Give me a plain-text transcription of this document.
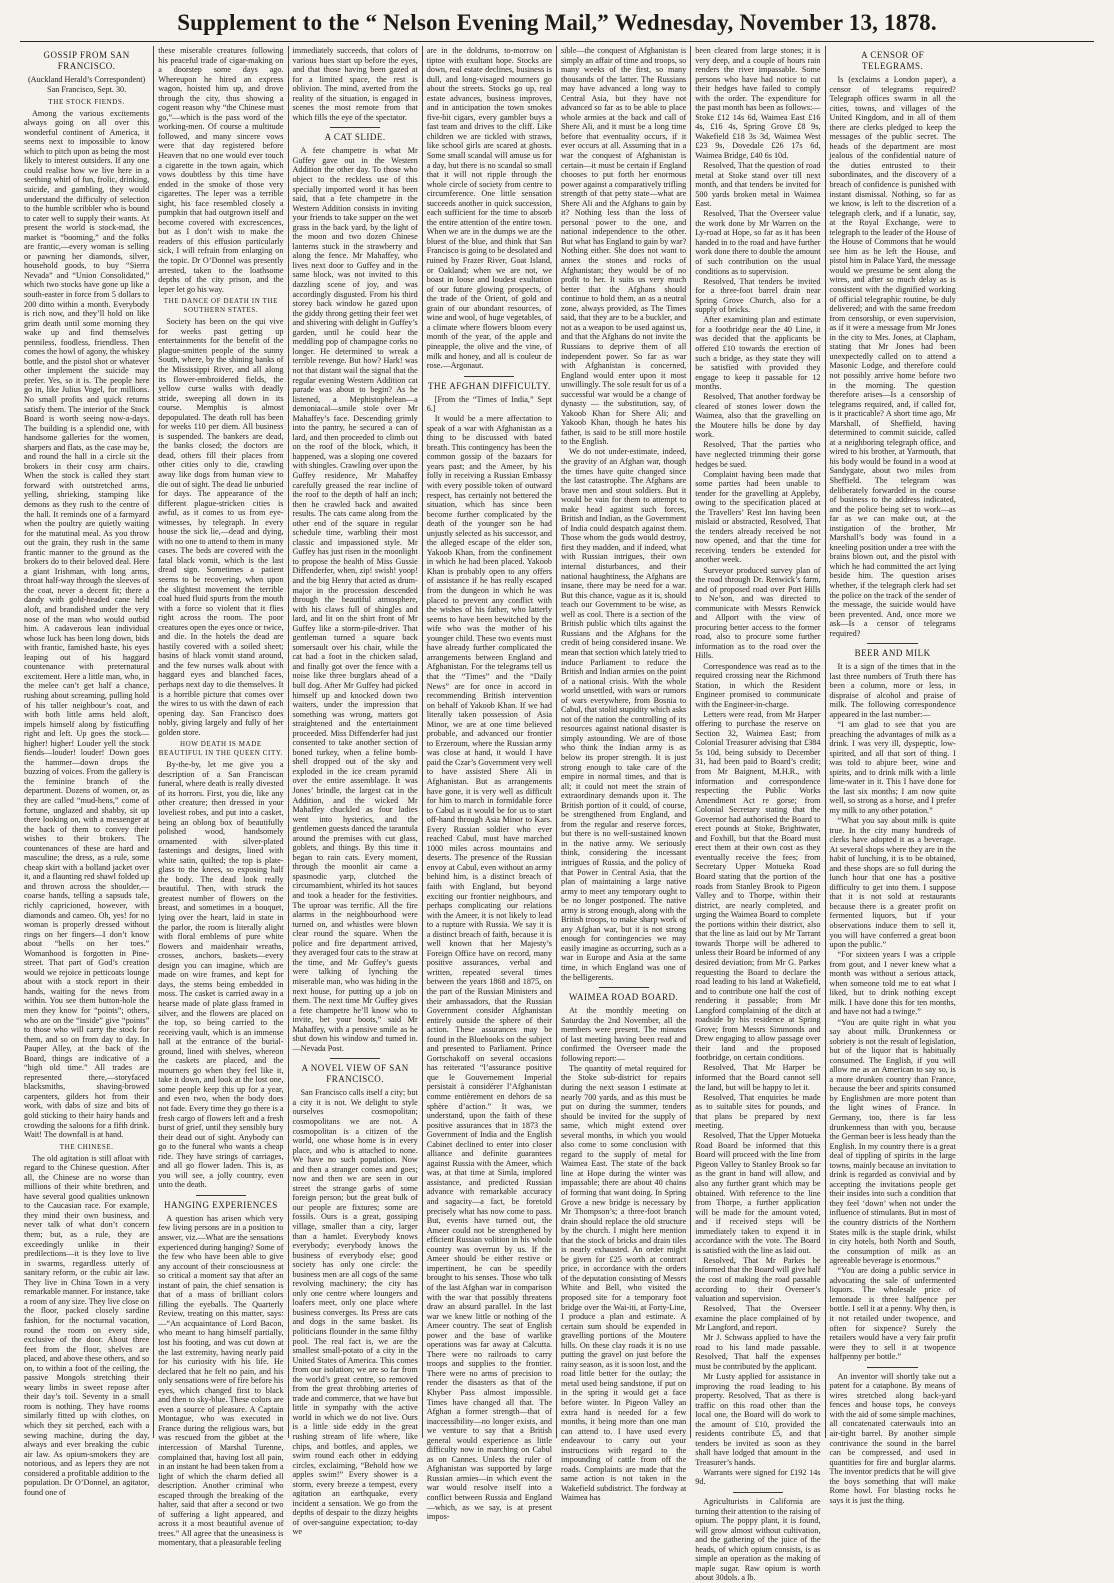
Supplement to the “ Nelson Evening Mail,” Wednesday, November 13, 1878.
GOSSIP FROM SAN FRANCISCO.

(Auckland Herald’s Correspondent)

San Francisco, Sept. 30.

THE STOCK FIENDS.

Among the various excitements always going on all over this wonderful continent of America, it seems next to impossible to know which to pitch upon as being the most likely to interest outsiders. If any one could realise how we live here in a seething whirl of fun, frolic, drinking, suicide, and gambling, they would understand the difficulty of selection to the humble scribbler who is bound to cater well to supply their wants. At present the world is stock-mad, the market is “booming,” and the folks are frantic,—every woman is selling or pawning her diamonds, silver, household goods, to buy “Sierra Nevada” and “Union Consolidated,” which two stocks have gone up like a south-easter in force from 5 dollars to 200 ditto within a month. Everybody is rich now, and they’ll hold on like grim death until some morning they wake up and find themselves penniless, foodless, friendless. Then comes the howl of agony, the whiskey bottle, and the pistol shot or whatever other implement the suicide may prefer. Yes, so it is. The people here go in, like Julius Vogel, for millions. No small profits and quick returns satisfy them. The interior of the Stock Board is worth seeing now-a-days. The building is a splendid one, with handsome galleries for the women, sharpers and flats, as the case may be, and round the hall in a circle sit the brokers in their cosy arm chairs. When the stock is called they start forward with outstretched arms, yelling, shrieking, stamping like demons as they rush to the centre of the hall. It reminds one of a farmyard when the poultry are quietly waiting for the matutinal meal. As you throw out the grain, they rush in the same frantic manner to the ground as the brokers do to their beloved deal. Here a giant Irishman, with long arms, throat half-way through the sleeves of the coat, never a decent fit; there a dandy with gold-headed cane held aloft, and brandished under the very nose of the man who would outbid him. A cadaverous lean individual whose luck has been long down, bids with frantic, famished haste, his eyes leaping out of his haggard countenance with preternatural excitement. Here a little man, who, in the melee can’t get half a chance, rushing about screaming, pulling hold of his taller neighbour’s coat, and with both little arms held aloft, impels himself along by fisticuffing right and left. Up goes the stock—higher! higher! Louder yell the stock fiends—louder! louder! Down goes the hammer—down drops the buzzing of voices. From the gallery is the feminine branch of the department. Dozens of women, or, as they are called “mud-hens,” come of fortune, unglazed and shabby, sit up there looking on, with a messenger at the back of them to convey their wishes to their brokers. The countenances of these are hard and masculine; the dress, as a rule, some cheap skirt with a bolland jacket over it, and a flaunting red shawl folded up and thrown across the shoulder,—coarse hands, telling a sapsuds tale, richly capricioned, however, with diamonds and cameo. Oh, yes! for no woman is properly dressed without rings on her fingers—I don’t know about “bells on her toes.” Womanhood is forgotten in Pine-street. That part of God’s creation would we rejoice in petticoats lounge about with a stock report in their hands, waiting for the news from within. You see them button-hole the men they know for “points”; others, who are on the “inside” give “points” to those who will carry the stock for them, and so on from day to day. In Pauper Alley, at the back of the Board, things are indicative of a “high old time.” All trades are represented there,—storyfaced blacksmiths, shaving-browed carpenters, gilders hot from their work, with dabs of size and bits of gold sticking to their hairy hands and crowding the saloons for a fifth drink. Wait! The downfall is at hand.

THE CHINESE.

The old agitation is still afloat with regard to the Chinese question. After all, the Chinese are no worse than millions of their white brethren, and have several good qualities unknown to the Caucasian race. For example, they mind their own business, and never talk of what don’t concern them; but, as a rule, they are exceedingly unlike in their predilections—it is they love to live in swarms, regardless utterly of sanitary reform, or the cubic air law. They live in China Town in a very remarkable manner. For instance, take a room of any size. They live close on the floor, packed closely sardine fashion, for the nocturnal vacation, round the room on every side, exclusive of the door. About three feet from the floor, shelves are placed, and above these others, and so on, to within a foot of the ceiling, the passive Mongols stretching their weary limbs in sweet repose after their day’s toil. Seventy in a small room is nothing. They have rooms similarly fitted up with clothes, on which they sit perched, each with a sewing machine, during the day, always and ever breaking the cubic air law. As opium-smokers they are notorious, and as lepers they are not considered a profitable addition to the population. Dr O’Donnel, an agitator, found one of

these miserable creatures following his peaceful trade of cigar-making on a doorstep some days ago. Whereupon he hired an express wagon, hoisted him up, and drove through the city, thus showing a cogent reason why “the Chinese must go,”—which is the pass word of the working-men. Of course a multitude followed, and many sincere vows were that day registered before Heaven that no one would ever touch a cigarette in the town again, which vows doubtless by this time have ended in the smoke of those very cigarettes. The leper was a terrible sight, his face resembled closely a pumpkin that had outgrown itself and become covered with excrescences, but as I don’t wish to make the readers of this effusion particularly sick, I will refrain from enlarging on the topic. Dr O’Donnel was presently arrested, taken to the loathsome depths of the city prison, and the leper let go his way.

THE DANCE OF DEATH IN THE SOUTHERN STATES.

Society has been on the qui vive for weeks past getting up entertainments for the benefit of the plague-smitten people of the sunny South, where, by the shining banks of the Mississippi River, and all along its flower-embroidered fields, the yellow curse walks with deadly stride, sweeping all down in its course. Memphis is almost depopulated. The death roll has been for weeks 110 per diem. All business is suspended. The bankers are dead, the banks closed; the doctors are dead, others fill their places from other cities only to die, crawling away like dogs from human view to die out of sight. The dead lie unburied for days. The appearance of the different plague-stricken cities is awful, as it comes to us from eye-witnesses, by telegraph. In every house the sick lie,—dead and dying, with no one to attend to them in many cases. The beds are covered with the fatal black vomit, which is the last dread sign. Sometimes a patient seems to be recovering, when upon the slightest movement the terrible coal hued fluid spurts from the mouth with a force so violent that it flies right across the room. The poor creatures open the eyes once or twice, and die. In the hotels the dead are hastily covered with a soiled sheet; basins of black vomit stand around, and the few nurses walk about with haggard eyes and blanched faces, perhaps next day to die themselves. It is a horrible picture that comes over the wires to us with the dawn of each opening day. San Francisco does nobly, giving largely and fully of her golden store.

HOW DEATH IS MADE BEAUTIFUL IN THE QUEEN CITY.

By-the-by, let me give you a description of a San Franciscan funeral, where death is really divested of its horrors. First, you die, like any other creature; then dressed in your loveliest robes, and put into a casket, being an oblong box of beautifully polished wood, handsomely ornamented with silver-plated fastenings and designs, lined with white satin, quilted; the top is plate-glass to the knees, so exposing half the body. The dead look really beautiful. Then, with struck the greatest number of flowers on the breast, and sometimes in a bouquet, lying over the heart, laid in state in the parlor, the room is literally alight with floral emblems of pure white flowers and maidenhair wreaths, crosses, anchors, baskets—every design you can imagine, which are made on wire frames, and kept for days, the stems being embedded in moss. The casket is carried away in a hearse made of plate glass framed in silver, and the flowers are placed on the top, so being carried to the receiving vault, which is an immense hall at the entrance of the burial-ground, lined with shelves, whereon the caskets are placed, and the mourners go when they feel like it, take it down, and look at the lost one, some people keep this up for a year, and even two, when the body does not fade. Every time they go there is a fresh cargo of flowers left and a fresh burst of grief, until they sensibly bury their dead out of sight. Anybody can go to the funeral who wants a cheap ride. They have strings of carriages, and all go flower laden. This is, as you will see, a jolly country, even unto the death.

HANGING EXPERIENCES

A question has arisen which very few living persons are in a position to answer, viz.—What are the sensations experienced during hanging? Some of the few who have been able to give any account of their consciousness at so critical a moment say that after an instant of pain, the chief sensation is that of a mass of brilliant colors filling the eyeballs. The Quarterly Review, treating on this matter, says:—“An acquaintance of Lord Bacon, who meant to hang himself partially, lost his footing, and was cut down at the last extremity, having nearly paid for his curiosity with his life. He declared that he felt no pain, and his only sensations were of fire before his eyes, which changed first to black and then to sky-blue. These colors are even a source of pleasure. A Captain Montague, who was executed in France during the religious wars, but was rescued from the gibbet at the intercession of Marshal Turenne, complained that, having lost all pain, in an instant he had been taken from a light of which the charm defied all description. Another criminal who escaped through the breaking of the halter, said that after a second or two of suffering a light appeared, and across it a most beautiful avenue of trees.” All agree that the uneasiness is momentary, that a pleasurable feeling

immediately succeeds, that colors of various hues start up before the eyes, and that those having been gazed at for a limited space, the rest is oblivion. The mind, averted from the reality of the situation, is engaged in scenes the most remote from that which fills the eye of the spectator.

A CAT SLIDE.

A fete champetre is what Mr Guffey gave out in the Western Addition the other day. To those who object to the reckless use of this specially imported word it has been said, that a fete champetre in the Western Addition consists in inviting your friends to take supper on the wet grass in the back yard, by the light of the moon and two dozen Chinese lanterns stuck in the strawberry and along the fence. Mr Mahaffey, who lives next door to Guffey and in the same block, was not invited to this dazzling scene of joy, and was accordingly disgusted. From his third storey back window he gazed upon the giddy throng getting their feet wet and shivering with delight in Guffey’s garden, until he could hear the meddling pop of champagne corks no longer. He determined to wreak a terrible revenge. But how? Hark! was not that distant wail the signal that the regular evening Western Addition cat parade was about to begin? As he listened, a Mephistophelean—a demoniacal—smile stole over Mr Mahaffey’s face. Descending grimly into the pantry, he secured a can of lard, and then proceeded to climb out on the roof of the block, which, it happened, was a sloping one covered with shingles. Crawling over upon the Guffey residence, Mr Mahaffey carefully greased the rear incline of the roof to the depth of half an inch; then he crawled back and awaited results. The cats came along from the other end of the square in regular schedule time, warbling their most classic and impassioned style. Mr Guffey has just risen in the moonlight to propose the health of Miss Gussie Diffenderfer, when, zip! swish! yoop! and the big Henry that acted as drum-major in the procession descended through the beautiful atmosphere, with his claws full of shingles and lard, and lit on the shirt front of Mr Guffey like a storm-pile-driver. That gentleman turned a square back somersault over his chair, while the cat had a foot in the chicken salad, and finally got over the fence with a noise like three burglars ahead of a bull dog. After Mr Guffey had picked himself up and knocked down two waiters, under the impression that something was wrong, matters got straightened and the entertainment proceeded. Miss Diffenderfer had just consented to take another section of boned turkey, when a feline bomb-shell dropped out of the sky and exploded in the ice cream pyramid over the entire assemblage. It was Jones’ brindle, the largest cat in the Addition, and the wicked Mr Mahaffey chuckled as four ladies went into hysterics, and the gentlemen guests danced the tarantula around the premises with cut glass, goblets, and things. By this time it began to rain cats. Every moment, through the moonlit air came a spasmodic yarp, clutched the circumambient, whirled its hot sauces and took a header for the festivities. The uproar was terrific. All the fire alarms in the neighbourhood were turned on, and whistles were blown clear round the square. When the police and fire department arrived, they averaged four cats to the straw at the time, and Mr Guffey’s guests were talking of lynching the miserable man, who was hiding in the next house, for putting up a job on them. The next time Mr Guffey gives a fete champetre he’ll know who to invite, bet your boots,” said Mr Mahaffey, with a pensive smile as he shut down his window and turned in.—Nevada Post.

A NOVEL VIEW OF SAN FRANCISCO.

San Francisco calls itself a city; but a city it is not. We delight to style ourselves cosmopolitan; cosmopolitans we are not. A cosmopolitan is a citizen of the world, one whose home is in every place, and who is attached to none. We have no such population. Now and then a stranger comes and goes; now and then we are seen in our street the strange garbs of some foreign person; but the great bulk of our people are fixtures; some are fossils. Ours is a great, gossiping village, smaller than a city, larger than a hamlet. Everybody knows everybody; everybody knows the business of everybody else; good society has only one circle: the business men are all cogs of the same revolving machinery; the city has only one centre where loungers and loafers meet, only one place where business converges. Its Press are cats and dogs in the same basket. Its politicians flounder in the same filthy pool. The real fact is, we are the smallest small-potato of a city in the United States of America. This comes from our isolation; we are so far from the world’s great centre, so removed from the great throbbing arteries of trade and commerce, that we have but little in sympathy with the active world in which we do not live. Ours is a little side eddy in the great rushing stream of life where, like chips, and bottles, and apples, we swim round each other in eddying circles, exclaiming, “Behold how we apples swim!” Every shower is a storm, every breeze a tempest, every agitation an earthquake, every incident a sensation. We go from the depths of despair to the dizzy heights of over-sanguine expectation; to-day we

are in the doldrums, to-morrow on tiptoe with exultant hope. Stocks are down, real estate declines, business is dull, and long-visaged mourners go about the streets. Stocks go up, real estate advances, business improves, and in anticipation the town smokes five-bit cigars, every gambler buys a fast team and drives to the cliff. Like children we are tickled with straws, like school girls are scared at ghosts. Some small scandal will amuse us for a day, but there is no scandal so small that it will not ripple through the whole circle of society from centre to circumference. One little sensation succeeds another in quick succession, each sufficient for the time to absorb the entire attention of the entire town. When we are in the dumps we are the bluest of the blue, and think that San Francisco is going to be desolated and ruined by Frazer River, Goat Island, or Oakland; when we are not, we boast in loose and loudest exultation of our future glowing prospects, of the trade of the Orient, of gold and grain of our abundant resources, of wine and wool, of huge vegetables, of a climate where flowers bloom every month of the year, of the apple and pineapple, the olive and the vine, of milk and honey, and all is couleur de rose.—Argonaut.

THE AFGHAN DIFFICULTY.

[From the “Times of India,” Sept 6.]

It would be a mere affectation to speak of a war with Afghanistan as a thing to be discussed with bated breath. This contingency has been the common gossip of the bazaars for years past; and the Ameer, by his folly in receiving a Russian Embassy with every possible token of outward respect, has certainly not bettered the situation, which has since been become further complicated by the death of the younger son he had unjustly selected as his successor, and the alleged escape of the elder son, Yakoob Khan, from the confinement in which he had been placed. Yakoob Khan is probably open to any offers of assistance if he has really escaped from the dungeon in which he was placed to prevent any conflict with the wishes of his father, who latterly seems to have been bewitched by the wife who was the mother of his younger child. These two events must have already further complicated the arrangements between England and Afghanistan. For the telegrams tell us that the “Times” and the “Daily News” are for once in accord in recommending British intervention on behalf of Yakoob Khan. If we had literally taken possession of Asia Minor, we are at one time believed probable, and advanced our frontier to Erzeroum, where the Russian army was close at hand, it would I have paid the Czar’s Government very well to have assisted Shere Ali in Afghanistan. But as arrangements have gone, it is very well as difficult for him to march in formidable force to Cabul as it would be for us to start off-hand through Asia Minor to Kars. Every Russian soldier who ever reached Cabul, must have marched 1000 miles across mountains and deserts. The presence of the Russian envoy at Cabul, even without an army behind him, is a distinct breach of faith with England, but beyond exciting our frontier neighbours, and perhaps complicating our relations with the Ameer, it is not likely to lead to a rupture with Russia. We say it is a distinct breach of faith, because it is well known that her Majesty’s Foreign Office have on record, many positive assurances, verbal and written, repeated several times between the years 1868 and 1875, on the part of the Russian Ministers and their ambassadors, that the Russian Government consider Afghanistan entirely outside the sphere of their action. These assurances may be found in the Bluebooks on the subject and presented to Parliament. Prince Gortschakoff on several occasions has reiterated “l’assurance positive que le Gouvernement Imperial persistait à considérer l’Afghanistan comme entièrement en dehors de sa sphère d’action.” It was, we understand, upon the faith of these positive assurances that in 1873 the Government of India and the English Cabinet declined to enter into closer alliance and definite guarantees against Russia with the Ameer, which was, at that time at Simla, implored assistance, and predicted Russian advance with remarkable accuracy and sagacity—a fact, be foretold precisely what has now come to pass. But, events have turned out, the Ameer could not be strengthened by efficient Russian volition in his whole country was overrun by us. If the Ameer should be either restive or impertinent, he can be speedily brought to his senses. Those who talk of the last Afghan war in comparison with the war that possibly threatens draw an absurd parallel. In the last war we knew little or nothing of the Ameer country. The seat of English power and the base of warlike operations was far away at Calcutta. There were no railroads to carry troops and supplies to the frontier. There were no arms of precision to render the disasters as that of the Khyber Pass almost impossible. Times have changed all that. The Afghan a former strength—that of inaccessibility—no longer exists, and we venture to say that a British general would experience as little difficulty now in marching on Cabul as on Cannes. Unless the ruler of Afghanistan was supported by large Russian armies—in which event the war would resolve itself into a conflict between Russia and England—which, as we say, is at present impos-

sible—the conquest of Afghanistan is simply an affair of time and troops, so many weeks of the first, so many thousands of the latter. The Russians may have advanced a long way to Central Asia, but they have not advanced so far as to be able to place whole armies at the back and call of Shere Ali, and it must be a long time before that eventuality occurs, if it ever occurs at all. Assuming that in a war the conquest of Afghanistan is certain—it must be certain if England chooses to put forth her enormous power against a comparatively trifling strength of that petty state—what are Shere Ali and the Afghans to gain by it? Nothing less than the loss of personal power to the one, and national independence to the other. But what has England to gain by war? Nothing either. She does not want to annex the stones and rocks of Afghanistan; they would be of no profit to her. It suits us very much better that the Afghans should continue to hold them, an as a neutral zone, always provided, as The Times said, that they are to be a buckler, and not as a weapon to be used against us, and that the Afghans do not invite the Russians to deprive them of all independent power. So far as war with Afghanistan is concerned, England would enter upon it most unwillingly. The sole result for us of a successful war would be a change of dynasty — the substitution, say, of Yakoob Khan for Shere Ali; and Yakoob Khan, though he hates his father, is said to be still more hostile to the English.

We do not under-estimate, indeed, the gravity of an Afghan war, though the times have quite changed since the last catastrophe. The Afghans are brave men and stout soldiers. But it would be vain for them to attempt to make head against such forces, British and Indian, as the Government of India could despatch against them. Those whom the gods would destroy, first they madden, and if indeed, what with Russian intrigues, their own internal disturbances, and their national haughtiness, the Afghans are insane, there may be need for a war. But this chance, vague as it is, should teach our Government to be wise, as well as cool. There is a section of the British public which tilts against the Russians and the Afghans for the credit of being considered insane. We mean that section which lately tried to induce Parliament to reduce the British and Indian armies on the point of a national crisis. With the whole world unsettled, with wars or rumors of wars everywhere, from Bosnia to Cabul, that stolid stupidity which asks not of the nation the controlling of its resources against national disaster is simply astounding. We are of those who think the Indian army is as below its proper strength. It is just strong enough to take care of the empire in normal times, and that is all; it could not meet the strain of extraordinary demands upon it. The British portion of it could, of course, be strengthened from England, and from the regular and reserve forces, but there is no well-sustained known in the native army. We seriously think, considering the incessant intrigues of Russia, and the policy of that Power in Central Asia, that the plan of maintaining a large native army to meet any temporary ought to be no longer postponed. The native army is strong enough, along with the British troops, to make sharp work of any Afghan war, but it is not strong enough for contingencies we may easily imagine as occurring, such as a war in Europe and Asia at the same time, in which England was one of the belligerents.

WAIMEA ROAD BOARD.

At the monthly meeting on Saturday the 2nd November, all the members were present. The minutes of last meeting having been read and confirmed the Overseer made the following report:—

The quantity of metal required for the Stoke sub-district for repairs during the next season I estimate at nearly 700 yards, and as this must be put on during the summer, tenders should be invited for the supply of same, which might extend over several months, in which you would also come to some conclusion with regard to the supply of metal for Waimea East. The state of the back line at Hope during the winter was impassable; there are about 40 chains of forming that want doing. In Spring Grove a new bridge is necessary by Mr Thompson’s; a three-foot branch drain should replace the old structure by the church. I might here mention that the stock of bricks and drain tiles is nearly exhausted. An order might be given for £25 worth at contract price, in accordance with the orders of the deputation consisting of Messrs White and Bell, who visited the proposed site for a temporary foot bridge over the Wai-iti, at Forty-Line, I produce a plan and estimate. A certain sum should be expended in gravelling portions of the Moutere hills. On these clay roads it is no use putting the gravel on just before the rainy season, as it is soon lost, and the road little better for the outlay; the metal used being sandstone, if put on in the spring it would get a face before winter. In Pigeon Valley an extra hand is needed for a few months, it being more than one man can attend to. I have used every endeavour to carry out your instructions with regard to the impounding of cattle from off the roads. Complaints are made that the same action is not taken in the Wakefield subdistrict. The fordway at Waimea has

been cleared from large stones; it is very deep, and a couple of hours rain renders the river impassable. Some persons who have had notice to cut their hedges have failed to comply with the order. The expenditure for the past month has been as follows:—Stoke £12 14s 6d, Waimea East £16 4s, £16 4s, Spring Grove £8 9s, Wakefield £18 3s 3d, Waimea West £23 9s, Dovedale £26 17s 6d, Waimea Bridge, £40 6s 10d.

Resolved, That the question of road metal at Stoke stand over till next month, and that tenders be invited for 500 yards broken metal in Waimea East.

Resolved, That the Overseer value the work done by Mr Warren on the Ly-road at Hope, so far as it has been handed in to the road and have further work done there to double the amount of such contribution on the usual conditions as to supervision.

Resolved, That tenders be invited for a three-foot barrel drain near Spring Grove Church, also for a supply of bricks.

After examining plan and estimate for a footbridge near the 40 Line, it was decided that the applicants be offered £10 towards the erection of such a bridge, as they state they will be satisfied with provided they engage to keep it passable for 12 months.

Resolved, That another fordway be cleared of stones lower down the Waimea, also that the gravelling on the Moutere hills be done by day work.

Resolved, That the parties who have neglected trimming their gorse hedges be sued.

Complaint having been made that some parties had been unable to tender for the gravelling at Appleby, owing to the specification placed at the Travellers’ Rest Inn having been mislaid or abstracted, Resolved, That the tenders already received be not now opened, and that the time for receiving tenders be extended for another week.

Surveyor produced survey plan of the road through Dr. Renwick’s farm, and of proposed road over Port Hills to Ne’son, and was directed to communicate with Messrs Renwick and Allport with the view of procuring better access to the former road, also to procure some further information as to the road over the Hills.

Correspondence was read as to the required crossing near the Richmond Station, in which the Resident Engineer promised to communicate with the Engineer-in-charge.

Letters were read, from Mr Harper offering to purchase the reserve on Section 32, Waimea East; from Colonial Treasurer advising that £384 5s 10d, being subsidy to December 31, had been paid to Board’s credit; from Mr Baignent, M.H.R., with information and correspondence respecting the Public Works Amendment Act re gorse; from Colonial Secretary stating that the Governor had authorised the Board to erect pounds at Stoke, Brightwater, and Foxhill, but that the Board must erect them at their own cost as they eventually receive the fees; from Secretary Upper Motueka Road Board stating that the portion of the roads from Stanley Brook to Pigeon Valley and to Thorpe, within their district, are nearly completed, and urging the Waimea Board to complete the portions within their district, also that the line as laid out by Mr Tarrant towards Thorpe will be adhered to unless their Board be informed of any desired deviation; from Mr G. Parkes requesting the Board to declare the road leading to his land at Wakefield, and to contribute one half the cost of rendering it passable; from Mr Langford complaining of the ditch at roadside by his residence at Spring Grove; from Messrs Simmonds and Drew engaging to allow passage over their land and the proposed footbridge, on certain conditions.

Resolved, That Mr Harper be informed that the Board cannot sell the land, but will be happy to let it.

Resolved, That enquiries be made as to suitable sites for pounds, and that plans be prepared by next meeting.

Resolved, That the Upper Motueka Road Board be informed that this Board will proceed with the line from Pigeon Valley to Stanley Brook so far as the grant in hand will allow, and also any further grant which may be obtained. With reference to the line from Thorpe, a further application will be made for the amount voted, and if received steps will be immediately taken to expend it in accordance with the vote. The Board is satisfied with the line as laid out.

Resolved, That Mr Parkes be informed that the Board will give half the cost of making the road passable according to their Overseer’s valuation and supervision.

Resolved, That the Overseer examine the place complained of by Mr Langford, and report.

Mr J. Schwass applied to have the road to his land made passable. Resolved, That half the expenses must be contributed by the applicant.

Mr Lusty applied for assistance in improving the road leading to his property. Resolved, That as there is traffic on this road other than the local one, the Board will do work to the amount of £10, provided the residents contribute £5, and that tenders be invited as soon as they shall have lodged that amount in the Treasurer’s hands.

Warrants were signed for £192 14s 9d.

Agriculturists in California are turning their attention to the raising of opium. The poppy plant, it is found, will grow almost without cultivation, and the gathering of the juice of the heads, of which opium consists, is as simple an operation as the making of maple sugar. Raw opium is worth about 30dols. a lb.

A CENSOR OF TELEGRAMS.

Is (exclaims a London paper), a censor of telegrams required? Telegraph offices swarm in all the cities, towns, and villages of the United Kingdom, and in all of them there are clerks pledged to keep the messages of the public secret. The heads of the department are most jealous of the confidential nature of the duties entrusted to their subordinates, and the discovery of a breach of confidence is punished with instant dismissal. Nothing, so far as we know, is left to the discretion of a telegraph clerk, and if a lunatic, say, at the Royal Exchange, were to telegraph to the leader of the House of the House of Commons that he would see him as he left the House, and pistol him in Palace Yard, the message would we presume be sent along the wires, and after so much delay as is consistent with the dignified working of official telegraphic routine, be duly delivered; and with the same freedom from censorship, or even supervision, as if it were a message from Mr Jones in the city to Mrs. Jones, at Clapham, stating that Mr Jones had been unexpectedly called on to attend a Masonic Lodge, and therefore could not possibly arrive home before two in the morning. The question therefore arises—Is a censorship of telegrams required, and, if called for, is it practicable? A short time ago, Mr Marshall, of Sheffield, having determined to commit suicide, called at a neighboring telegraph office, and wired to his brother, at Yarmouth, that his body would be found in a wood at Sandygate, about two miles from Sheffield. The telegram was deliberately forwarded in the course of business to the address indicated, and the police being set to work—as far as we can make out, at the instigation of the brother, Mr Marshall’s body was found in a kneeling position under a tree with the brains blown out, and the pistol with which he had committed the act lying beside him. The question arises whether, if the telegraph clerk had set the police on the track of the sender of the message, the suicide would have been prevented. And, once more we ask—Is a censor of telegrams required?

BEER AND MILK

It is a sign of the times that in the last three numbers of Truth there has been a column, more or less, in dispraise of alcohol and praise of milk. The following correspondence appeared in the last number:—

“I am glad to see that you are preaching the advantages of milk as a drink. I was very ill, dyspeptic, low-spirited, and all that sort of thing. I was told to abjure beer, wine and spirits, and to drink milk with a little lime-water in it. This I have done for the last six months; I am now quite well, so strong as a horse, and I prefer my milk to any other potation.”

“What you say about milk is quite true. In the city many hundreds of clerks have adopted it as a beverage. At several shops where they are in the habit of lunching, it is to be obtained, and these shops are so full during the lunch hour that one has a positive difficulty to get into them. I suppose that it is not sold at restaurants because there is a greater profit on fermented liquors, but if your observations induce them to sell it, you will have conferred a great boon upon the public.”

“For sixteen years I was a cripple from gout, and I never knew what a month was without a serious attack, when someone told me to eat what I liked, but to drink nothing except milk. I have done this for ten months, and have not had a twinge.”

“You are quite right in what you say about milk. Drunkenness or sobriety is not the result of legislation, but of the liquor that is habitually consumed. The English, if you will allow me as an American to say so, is a more drunken country than France, because the beer and spirits consumed by Englishmen are more potent than the light wines of France. In Germany, too, there is far less drunkenness than with you, because the German beer is less heady than the English. In my country there is a great deal of tippling of spirits in the large towns, mainly because an invitation to drink is regarded as convivial and by accepting the invitations people get their insides into such a condition that they feel ‘down’ when not under the influence of stimulants. But in most of the country districts of the Northern States milk is the staple drink, whilst in city hotels, both North and South, the consumption of milk as an agreeable beverage is enormous.”

“You are doing a public service in advocating the sale of unfermented liquors. The wholesale price of lemonade is three halfpence per bottle. I sell it at a penny. Why then, is it not retailed under twopence, and often for sixpence? Surely the retailers would have a very fair profit were they to sell it at twopence halfpenny per bottle.”

An inventor will shortly take out a patent for a cataphone. By means of wires stretched along back-yard fences and house tops, he conveys with the aid of some simple machines, all concatenated caterwauls into an air-tight barrel. By another simple contrivance the sound in the barrel can be compressed, and used in quantities for fire and burglar alarms. The inventor predicts that he will give the boys something that will make Rome howl. For blasting rocks he says it is just the thing.
